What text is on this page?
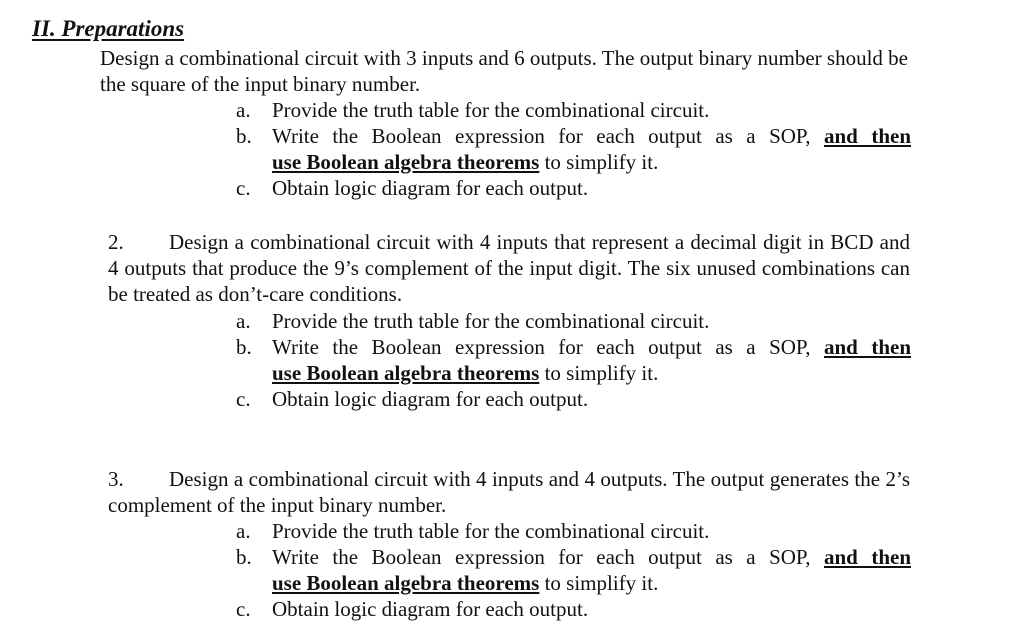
II. Preparations

Design a combinational circuit with 3 inputs and 6 outputs. The output binary number should be the square of the input binary number.

a. Provide the truth table for the combinational circuit.
b. Write the Boolean expression for each output as a SOP, and then
use Boolean algebra theorems to simplify it.
c. Obtain logic diagram for each output.

2. Design a combinational circuit with 4 inputs that represent a decimal digit in BCD and 4 outputs that produce the 9’s complement of the input digit. The six unused combinations can be treated as don’t-care conditions.

a. Provide the truth table for the combinational circuit.
b. Write the Boolean expression for each output as a SOP, and then
use Boolean algebra theorems to simplify it.
c. Obtain logic diagram for each output.

3. Design a combinational circuit with 4 inputs and 4 outputs. The output generates the 2’s complement of the input binary number.

a. Provide the truth table for the combinational circuit.
b. Write the Boolean expression for each output as a SOP, and then
use Boolean algebra theorems to simplify it.
c. Obtain logic diagram for each output.
